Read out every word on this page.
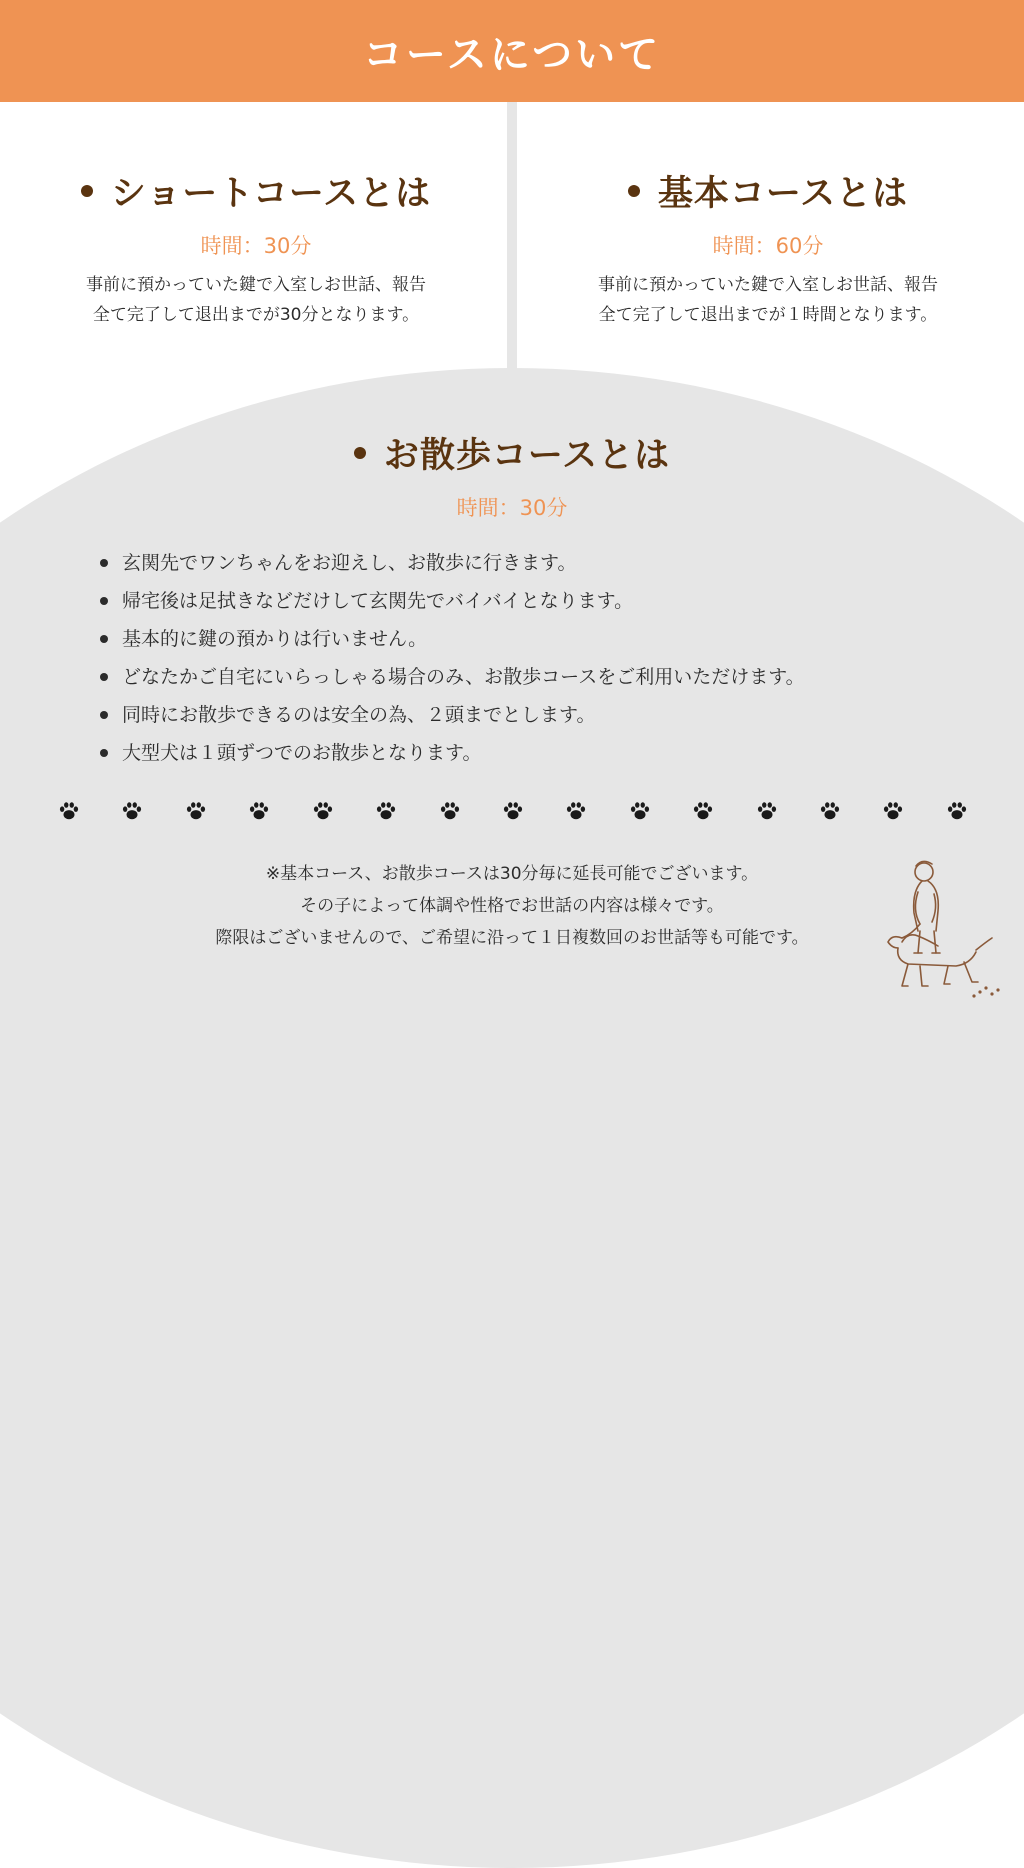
コースについて
ショートコースとは
時間：30分
事前に預かっていた鍵で入室しお世話、報告
全て完了して退出までが30分となります。
基本コースとは
時間：60分
事前に預かっていた鍵で入室しお世話、報告
全て完了して退出までが１時間となります。
お散歩コースとは
時間：30分
玄関先でワンちゃんをお迎えし、お散歩に行きます。
帰宅後は足拭きなどだけして玄関先でバイバイとなります。
基本的に鍵の預かりは行いません。
どなたかご自宅にいらっしゃる場合のみ、お散歩コースをご利用いただけます。
同時にお散歩できるのは安全の為、２頭までとします。
大型犬は１頭ずつでのお散歩となります。
※基本コース、お散歩コースは30分毎に延長可能でございます。
その子によって体調や性格でお世話の内容は様々です。
際限はございませんので、ご希望に沿って１日複数回のお世話等も可能です。
